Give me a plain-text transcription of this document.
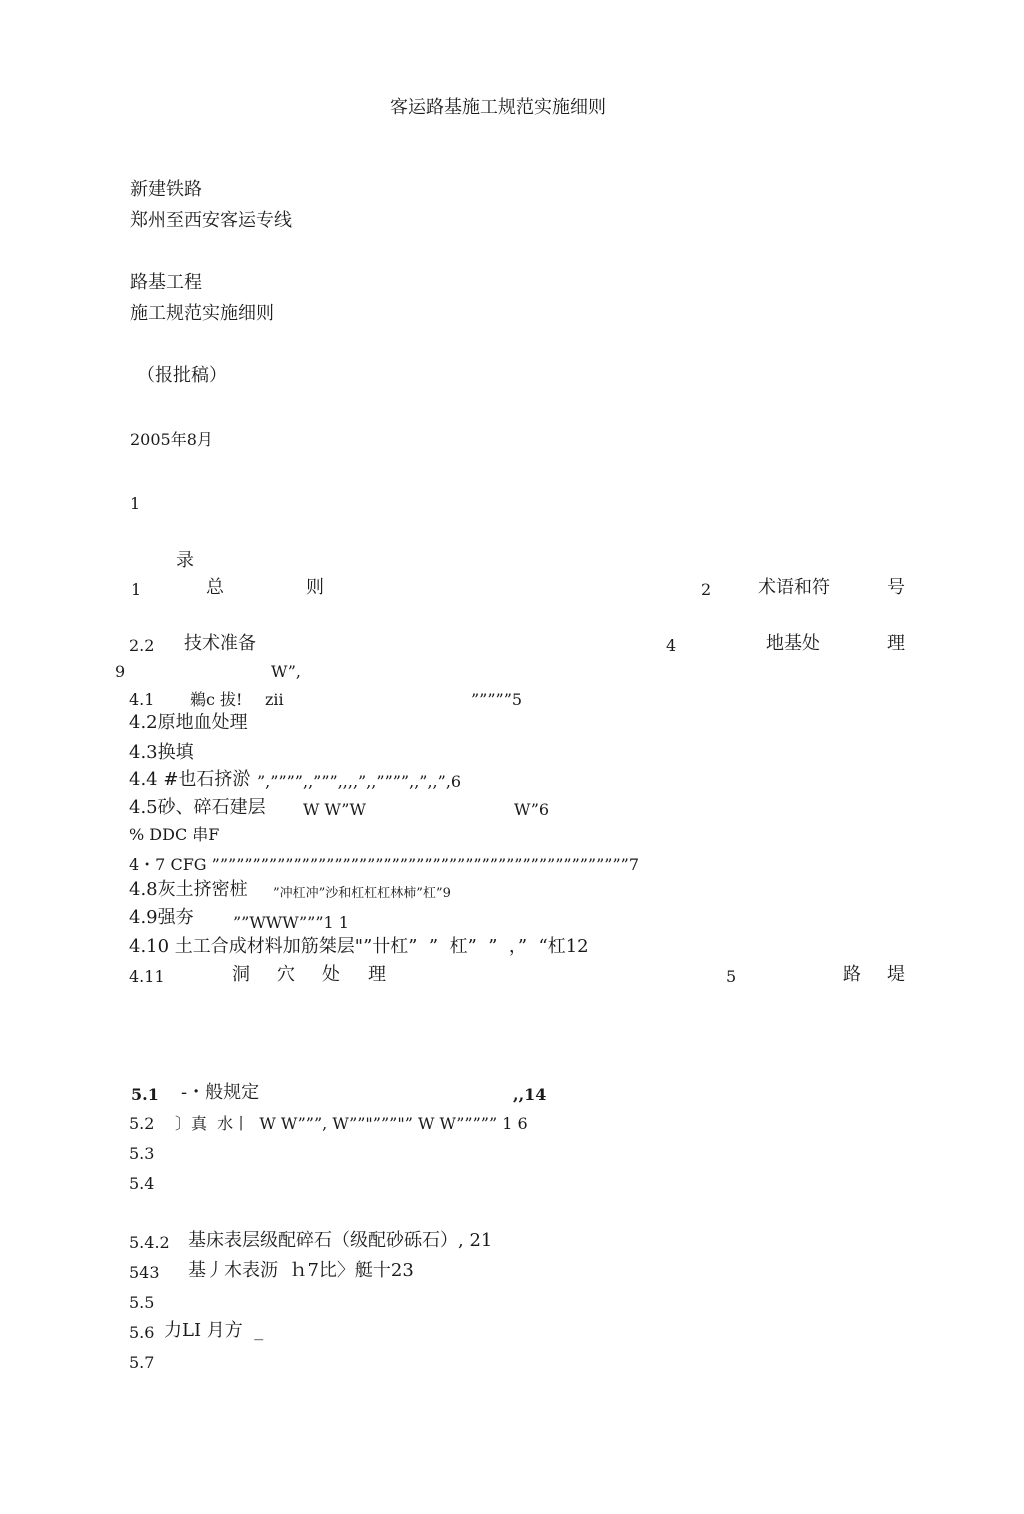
客运路基施工规范实施细则
新建铁路
郑州至西安客运专线
路基工程
施工规范实施细则
（报批稿）
2005年8月
1
录
1	总	则	2	术语和符	号
2.2 技术准备	4	地基处	理
9	W”,
4.1 鵜c 拔! zii	”””””5
4.2原地血处理
4.3换填
4.4 #也石挤淤 ”,””””,,”””,,,,”,,””””,,”,,”,6
4.5砂、碎石建层 W W”W	W”6
% DDC 串F
4・7 CFG ”””””””””””””””””””””””””””””””””””””””””””””””””””7
4.8灰土挤密桩 ”冲杠冲”沙和杠杠杠林柿”杠”9
4.9强夯 ””WWW”””1 1
4.10 土工合成材料加筋桀层"”卄杠”  ”  杠”  ”  ，”  “杠12
4.11	洞 穴 处 理	5	路 堤
5.1 -・般规定	,,14
5.2 〕真  水丨  W W”””, W””"”””"” W W””””” 1 6
5.3
5.4
5.4.2 基床表层级配碎石（级配砂砾石）, 21
543 基丿木表沥  ｈ7比〉艇十23
5.5
5.6 力LI 月方  _
5.7
